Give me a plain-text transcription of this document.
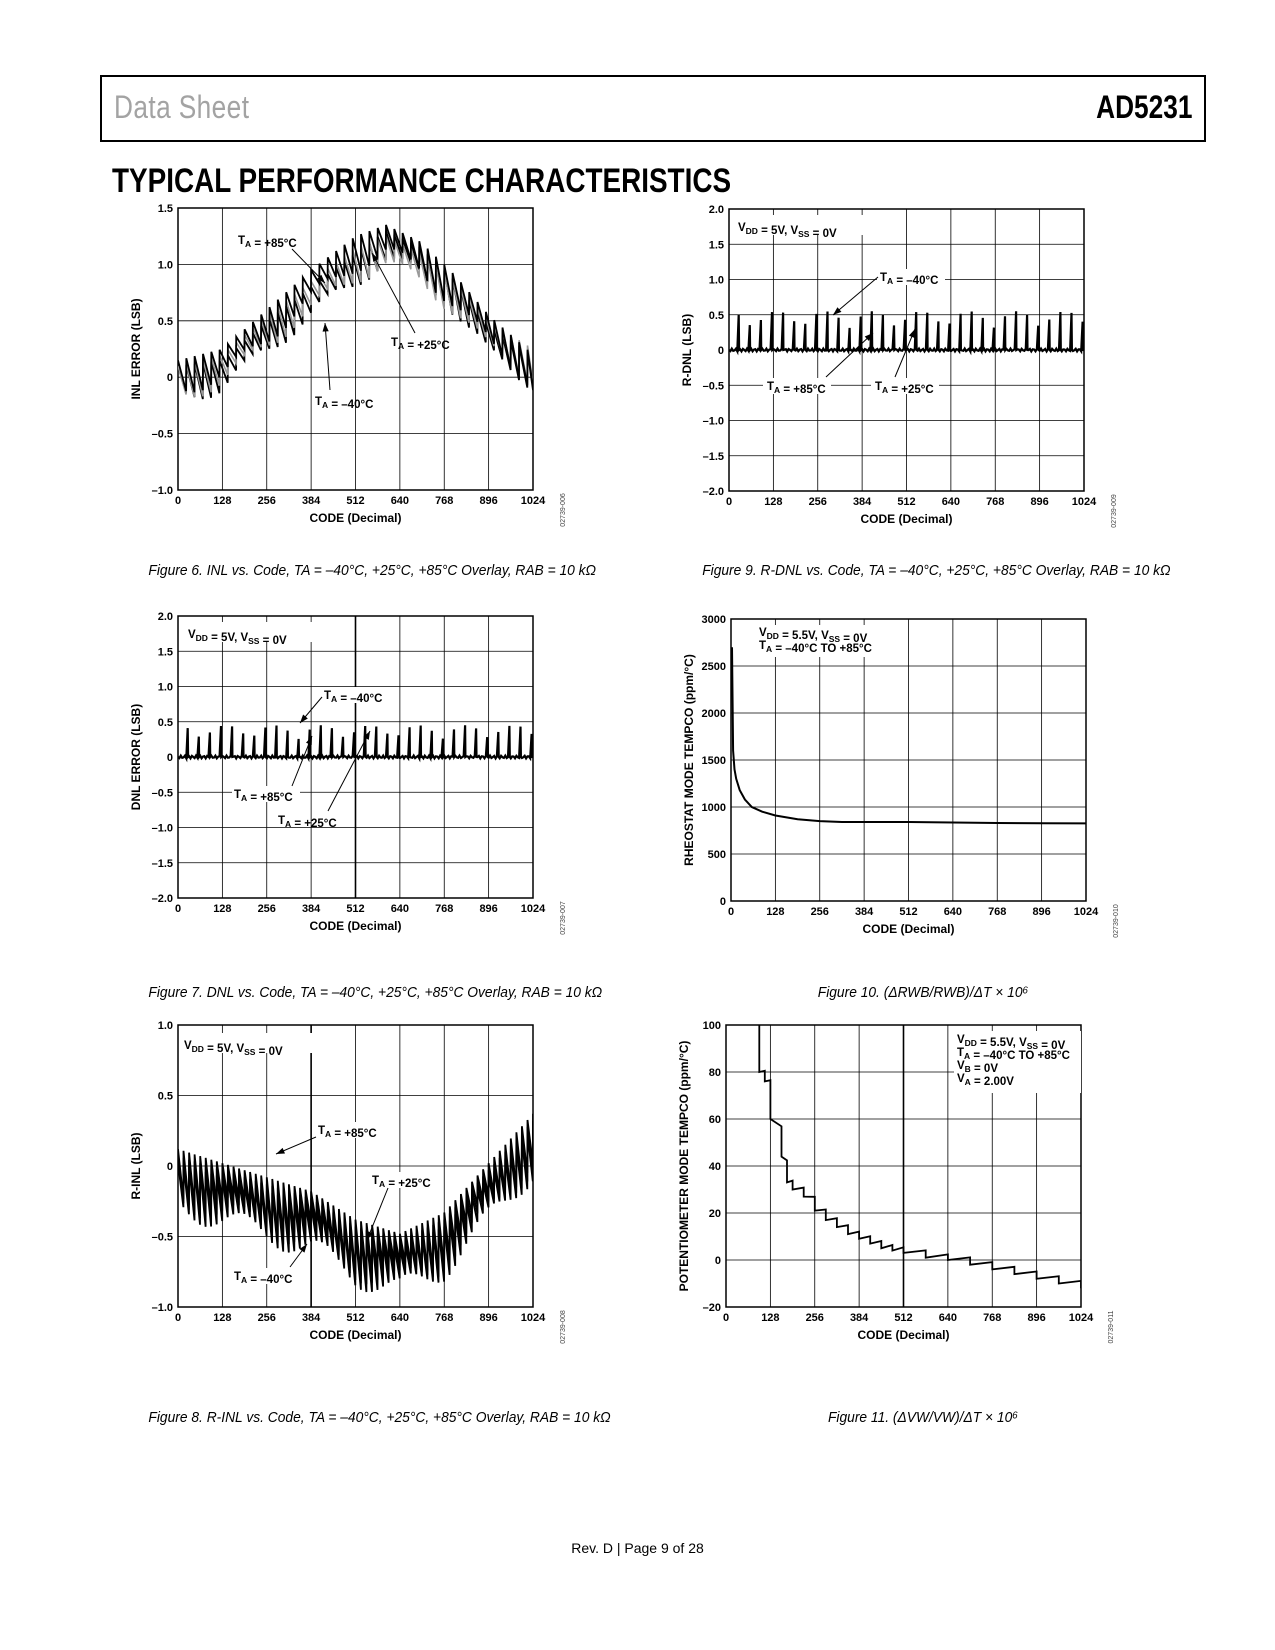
Data Sheet	AD5231
TYPICAL PERFORMANCE CHARACTERISTICS
0	128 256 384 512 640 768 896 1024
1.5
1.0
0.5
0
–0.5
–1.0
CODE (Decimal)
INL ERROR (LSB)
02739-006
$T_A = +85^\circ C$
$T_A = +25^\circ C$
$T_A = -40^\circ C$
0	128 256 384 512 640 768 896 1024
2.0
1.5
1.0
0.5
0
–0.5
–1.0
–1.5
–2.0
CODE (Decimal)
R-DNL (LSB)
02739-009
$V_{DD} = 5V$, $V_{SS} = 0V$
$T_A = -40^\circ C$
$T_A = +85^\circ C$	$T_A = +25^\circ C$
0	128 256 384 512 640 768 896 1024
2.0
1.5
1.0
0.5
0
–0.5
–1.0
–1.5
–2.0
CODE (Decimal)
DNL ERROR (LSB)
02739-007
$V_{DD} = 5V$, $V_{SS} = 0V$
$T_A = -40^\circ C$
$T_A = +85^\circ C$
$T_A = +25^\circ C$
0	128 256 384 512 640 768 896 1024
3000
2500
2000
1500
1000
500
0
CODE (Decimal)
RHEOSTAT MODE TEMPCO (ppm/°C)
02739-010
$V_{DD} = 5.5V$, $V_{SS} = 0V$
$T_A = -40^\circ C$ TO +85°C
0	128 256 384 512 640 768 896 1024
1.0
0.5
0
–0.5
–1.0
CODE (Decimal)
R-INL (LSB)
02739-008
$V_{DD} = 5V$, $V_{SS} = 0V$
$T_A = +85^\circ C$
$T_A = +25^\circ C$
$T_A = -40^\circ C$
0	128 256 384 512 640 768 896 1024
100
80
60
40
20
0
–20
CODE (Decimal)
POTENTIOMETER MODE TEMPCO (ppm/°C)
02739-011
$V_{DD} = 5.5V$, $V_{SS} = 0V$
$T_A = -40^\circ C$ TO +85°C
$V_B = 0V$
$V_A = 2.00V$
Figure 6. INL vs. Code, TA = –40°C, +25°C, +85°C Overlay, RAB = 10 kΩ	Figure 9. R-DNL vs. Code, TA = –40°C, +25°C, +85°C Overlay, RAB = 10 kΩ
Figure 7. DNL vs. Code, TA = –40°C, +25°C, +85°C Overlay, RAB = 10 kΩ	Figure 10. (ΔRWB/RWB)/ΔT × 10⁶
Figure 8. R-INL vs. Code, TA = –40°C, +25°C, +85°C Overlay, RAB = 10 kΩ	Figure 11. (ΔVW/VW)/ΔT × 10⁶
Rev. D | Page 9 of 28
